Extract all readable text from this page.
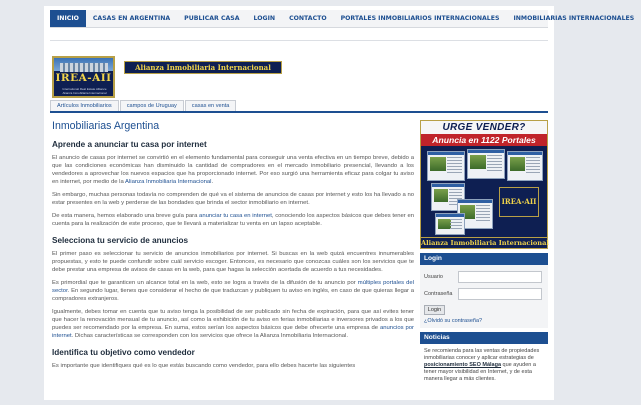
INICIO	CASAS EN ARGENTINA	PUBLICAR CASA	LOGIN	CONTACTO	PORTALES INMOBILIARIOS INTERNACIONALES	INMOBILIARIAS INTERNACIONALES
IREA-AII
International Real Estate Alliance
Alianza Inmobiliaria Internacional
Alianza Inmobiliaria Internacional
Artículos Inmobiliarios	campos de Uruguay	casas en venta
Inmobiliarias Argentina
Aprende a anunciar tu casa por internet

El anuncio de casas por internet se convirtió en el elemento fundamental para conseguir una venta efectiva en un tiempo breve, debido a que las condiciones económicas han disminuido la cantidad de compradores en el mercado inmobiliario presencial, llevando a los vendedores a aprovechar los nuevos espacios que ha proporcionado internet. Por eso surgió una herramienta eficaz para colgar tu aviso en internet, por medio de la Alianza Inmobiliaria Internacional.

Sin embargo, muchas personas todavía no comprenden de qué va el sistema de anuncios de casas por internet y esto los ha llevado a no estar presentes en la web y perderse de las bondades que brinda el sector inmobiliario en internet.

De esta manera, hemos elaborado una breve guía para anunciar tu casa en internet, conociendo los aspectos básicos que debes tener en cuenta para la realización de este proceso, que te llevará a materializar tu venta en un lapso aceptable.

Selecciona tu servicio de anuncios

El primer paso es seleccionar tu servicio de anuncios inmobiliarios por internet. Si buscas en la web quizá encuentres innumerables propuestas, y esto te puede confundir sobre cuál servicio escoger. Entonces, es necesario que conozcas cuáles son los servicios que te debe prestar una empresa de avisos de casas en la web, para que hagas la selección acertada de acuerdo a tus necesidades.

Es primordial que te garanticen un alcance total en la web, esto se logra a través de la difusión de tu anuncio por múltiples portales del sector. En segundo lugar, tienes que considerar el hecho de que traduzcan y publiquen tu aviso en inglés, en caso de que quieras llegar a compradores extranjeros.

Igualmente, debes tomar en cuenta que tu aviso tenga la posibilidad de ser publicado sin fecha de expiración, para que así evites tener que hacer la renovación mensual de tu anuncio, así como la exhibición de tu aviso en ferias inmobiliarias e inversores privados a los que puedes ser recomendado por la empresa. En suma, estos serían los aspectos básicos que debe ofrecerte una empresa de anuncios por internet. Dichas características se corresponden con los servicios que ofrece la Alianza Inmobiliaria Internacional.

Identifica tu objetivo como vendedor

Es importante que identifiques qué es lo que estás buscando como vendedor, para ello debes hacerte las siguientes

URGE VENDER?
Anuncia en 1122 Portales
IREA-AII
Alianza Inmobiliaria Internacional
Login
Usuario
Contraseña
Login
¿Olvidó su contraseña?
Noticias
Se recomienda para las ventas de propiedades inmobiliarias conocer y aplicar estrategias de posicionamiento SEO Málaga que ayuden a tener mayor visibilidad en Internet, y de esta manera llegar a más clientes.
